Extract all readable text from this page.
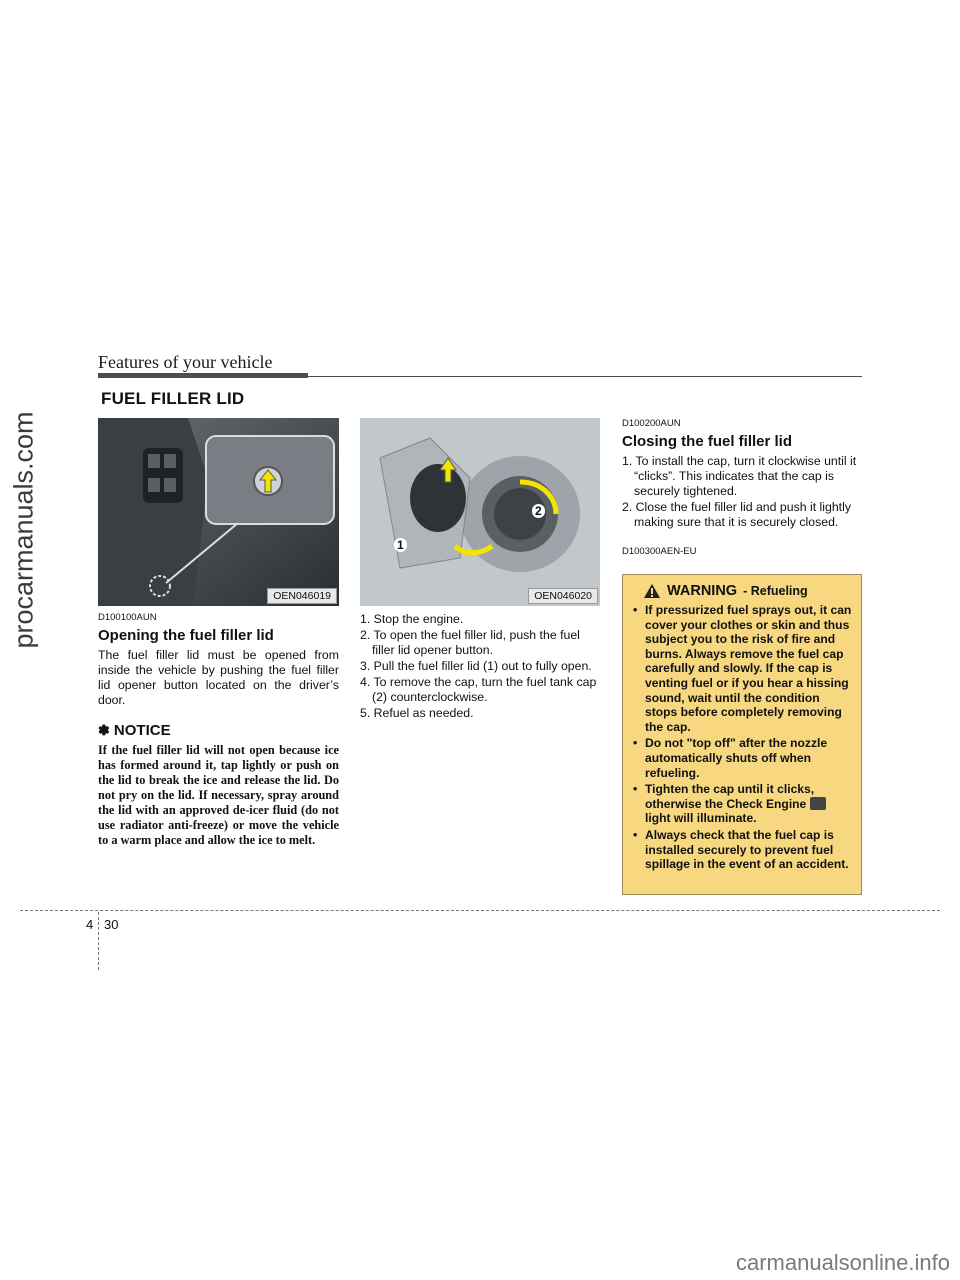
procarmanuals.com
Features of your vehicle
FUEL FILLER LID
OEN046019
1
2
OEN046020

D100100AUN

Opening the fuel filler lid

The fuel filler lid must be opened from inside the vehicle by pushing the fuel filler lid opener button located on the driver’s door.

✽ NOTICE

If the fuel filler lid will not open because ice has formed around it, tap lightly or push on the lid to break the ice and release the lid. Do not pry on the lid. If necessary, spray around the lid with an approved de-icer fluid (do not use radiator anti-freeze) or move the vehicle to a warm place and allow the ice to melt.

1. Stop the engine.
2. To open the fuel filler lid, push the fuel filler lid opener button.
3. Pull the fuel filler lid (1) out to fully open.
4. To remove the cap, turn the fuel tank cap (2) counterclockwise.
5. Refuel as needed.

D100200AUN

Closing the fuel filler lid

1. To install the cap, turn it clockwise until it “clicks”. This indicates that the cap is securely tightened.
2. Close the fuel filler lid and push it lightly making sure that it is securely closed.

D100300AEN-EU

WARNING - Refueling
• If pressurized fuel sprays out, it can cover your clothes or skin and thus subject you to the risk of fire and burns. Always remove the fuel cap carefully and slowly. If the cap is venting fuel or if you hear a hissing sound, wait until the condition stops before completely removing the cap.
• Do not "top off" after the nozzle automatically shuts off when refueling.
• Tighten the cap until it clicks, otherwise the Check Engine  light will illuminate.
• Always check that the fuel cap is installed securely to prevent fuel spillage in the event of an accident.
4 30
carmanualsonline.info
